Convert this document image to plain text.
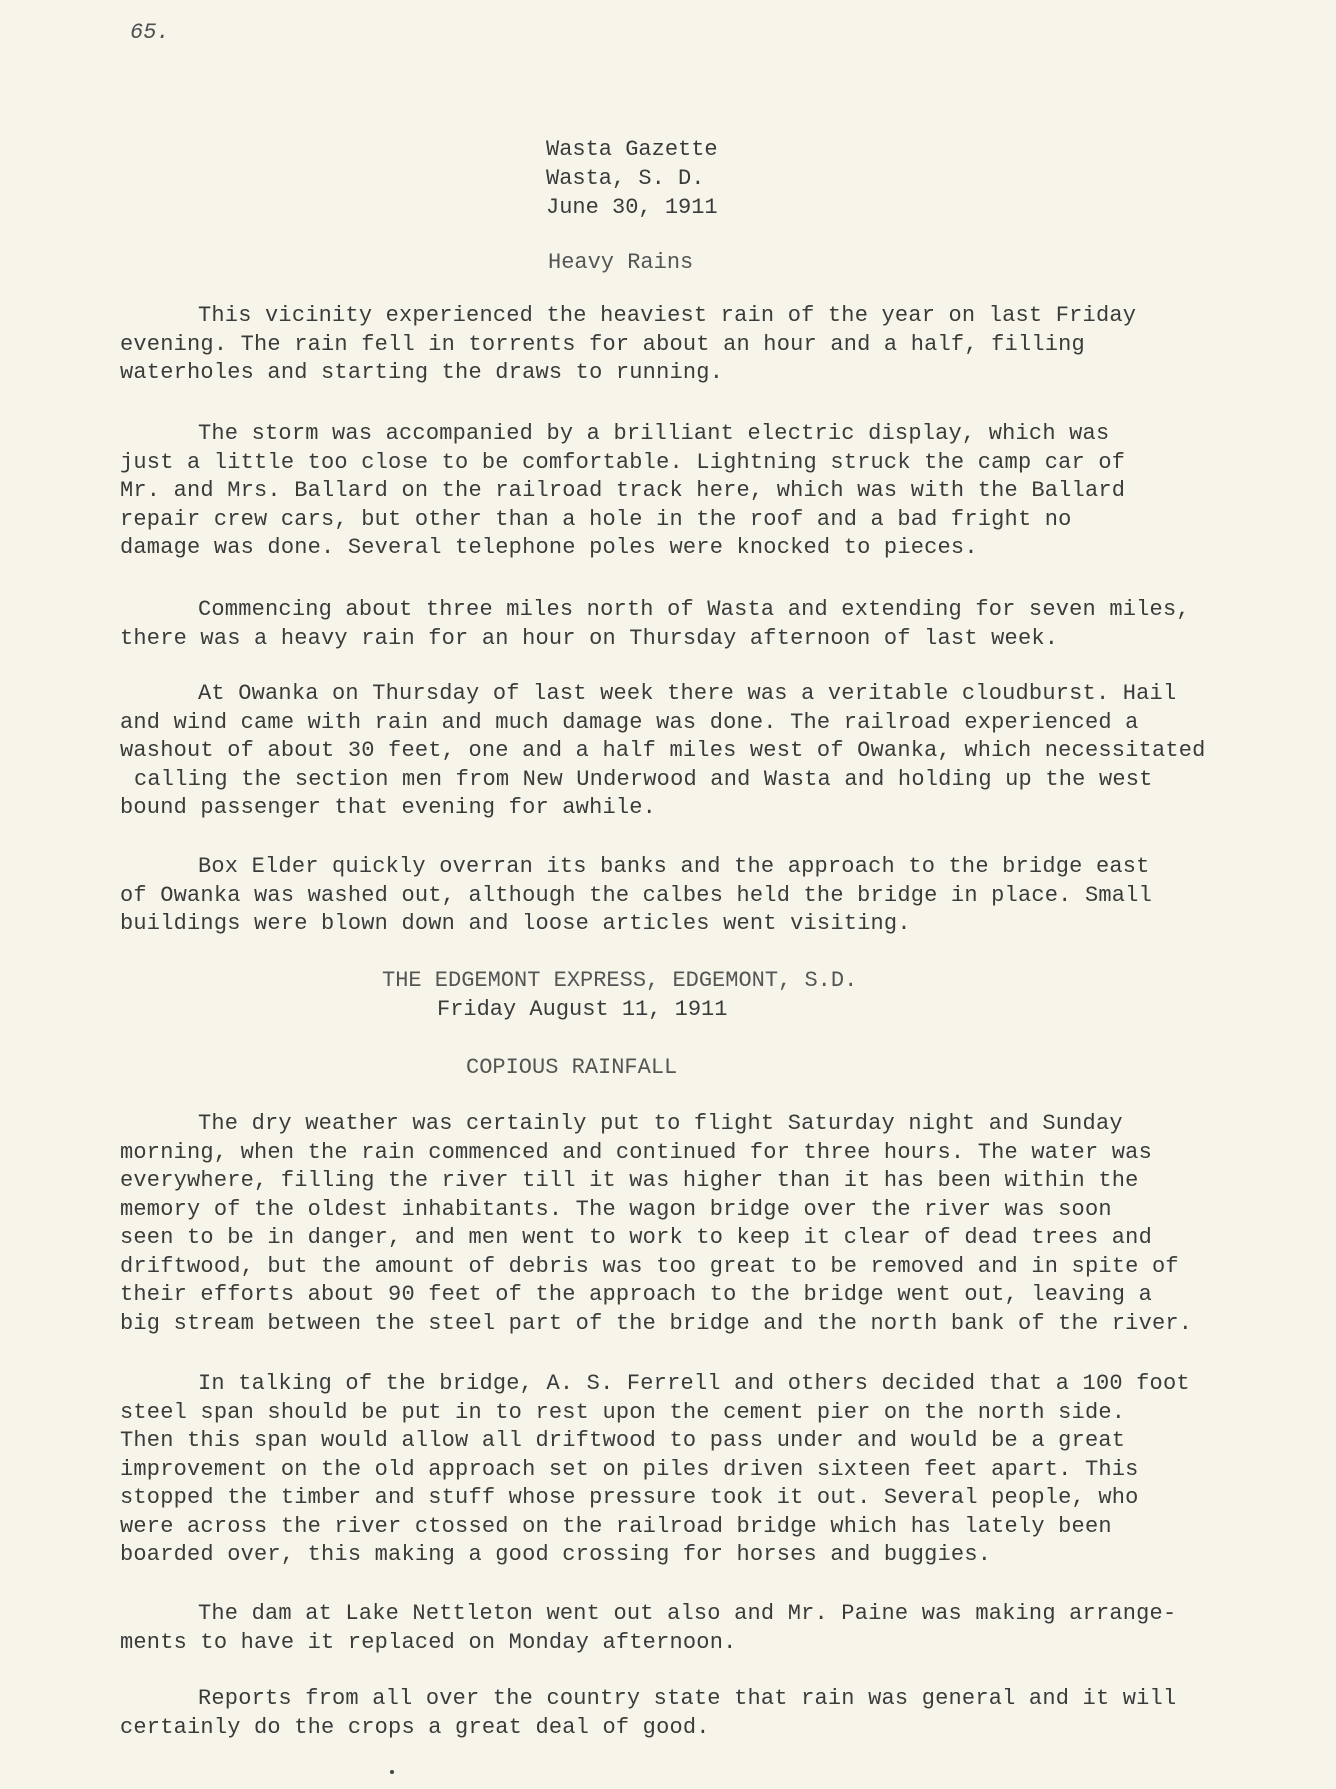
65.
Wasta Gazette
Wasta, S. D.
June 30, 1911
Heavy Rains

This vicinity experienced the heaviest rain of the year on last Friday
evening. The rain fell in torrents for about an hour and a half, filling
waterholes and starting the draws to running.

The storm was accompanied by a brilliant electric display, which was
just a little too close to be comfortable. Lightning struck the camp car of
Mr. and Mrs. Ballard on the railroad track here, which was with the Ballard
repair crew cars, but other than a hole in the roof and a bad fright no
damage was done. Several telephone poles were knocked to pieces.

Commencing about three miles north of Wasta and extending for seven miles,
there was a heavy rain for an hour on Thursday afternoon of last week.

At Owanka on Thursday of last week there was a veritable cloudburst. Hail
and wind came with rain and much damage was done. The railroad experienced a
washout of about 30 feet, one and a half miles west of Owanka, which necessitated
calling the section men from New Underwood and Wasta and holding up the west
bound passenger that evening for awhile.

Box Elder quickly overran its banks and the approach to the bridge east
of Owanka was washed out, although the calbes held the bridge in place. Small
buildings were blown down and loose articles went visiting.

THE EDGEMONT EXPRESS, EDGEMONT, S.D.
Friday August 11, 1911
COPIOUS RAINFALL

The dry weather was certainly put to flight Saturday night and Sunday
morning, when the rain commenced and continued for three hours. The water was
everywhere, filling the river till it was higher than it has been within the
memory of the oldest inhabitants. The wagon bridge over the river was soon
seen to be in danger, and men went to work to keep it clear of dead trees and
driftwood, but the amount of debris was too great to be removed and in spite of
their efforts about 90 feet of the approach to the bridge went out, leaving a
big stream between the steel part of the bridge and the north bank of the river.

In talking of the bridge, A. S. Ferrell and others decided that a 100 foot
steel span should be put in to rest upon the cement pier on the north side.
Then this span would allow all driftwood to pass under and would be a great
improvement on the old approach set on piles driven sixteen feet apart. This
stopped the timber and stuff whose pressure took it out. Several people, who
were across the river ctossed on the railroad bridge which has lately been
boarded over, this making a good crossing for horses and buggies.

The dam at Lake Nettleton went out also and Mr. Paine was making arrange-
ments to have it replaced on Monday afternoon.

Reports from all over the country state that rain was general and it will
certainly do the crops a great deal of good.
